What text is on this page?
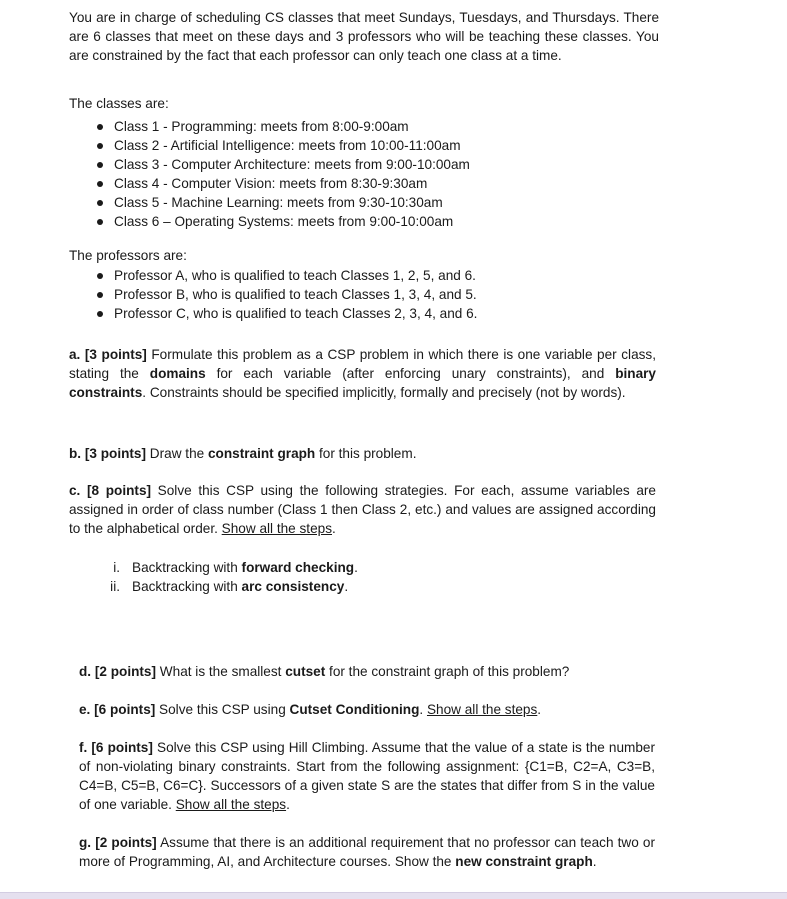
You are in charge of scheduling CS classes that meet Sundays, Tuesdays, and Thursdays. There are 6 classes that meet on these days and 3 professors who will be teaching these classes. You are constrained by the fact that each professor can only teach one class at a time.

The classes are:

Class 1 - Programming: meets from 8:00-9:00am
Class 2 - Artificial Intelligence: meets from 10:00-11:00am
Class 3 - Computer Architecture: meets from 9:00-10:00am
Class 4 - Computer Vision: meets from 8:30-9:30am
Class 5 - Machine Learning: meets from 9:30-10:30am
Class 6 – Operating Systems: meets from 9:00-10:00am

The professors are:

Professor A, who is qualified to teach Classes 1, 2, 5, and 6.
Professor B, who is qualified to teach Classes 1, 3, 4, and 5.
Professor C, who is qualified to teach Classes 2, 3, 4, and 6.

a. [3 points] Formulate this problem as a CSP problem in which there is one variable per class, stating the domains for each variable (after enforcing unary constraints), and binary constraints. Constraints should be specified implicitly, formally and precisely (not by words).

b. [3 points] Draw the constraint graph for this problem.

c. [8 points] Solve this CSP using the following strategies. For each, assume variables are assigned in order of class number (Class 1 then Class 2, etc.) and values are assigned according to the alphabetical order. Show all the steps.

i. Backtracking with forward checking.
ii. Backtracking with arc consistency.

d. [2 points] What is the smallest cutset for the constraint graph of this problem?

e. [6 points] Solve this CSP using Cutset Conditioning. Show all the steps.

f. [6 points] Solve this CSP using Hill Climbing. Assume that the value of a state is the number of non-violating binary constraints. Start from the following assignment: {C1=B, C2=A, C3=B, C4=B, C5=B, C6=C}. Successors of a given state S are the states that differ from S in the value of one variable. Show all the steps.

g. [2 points] Assume that there is an additional requirement that no professor can teach two or more of Programming, AI, and Architecture courses. Show the new constraint graph.
